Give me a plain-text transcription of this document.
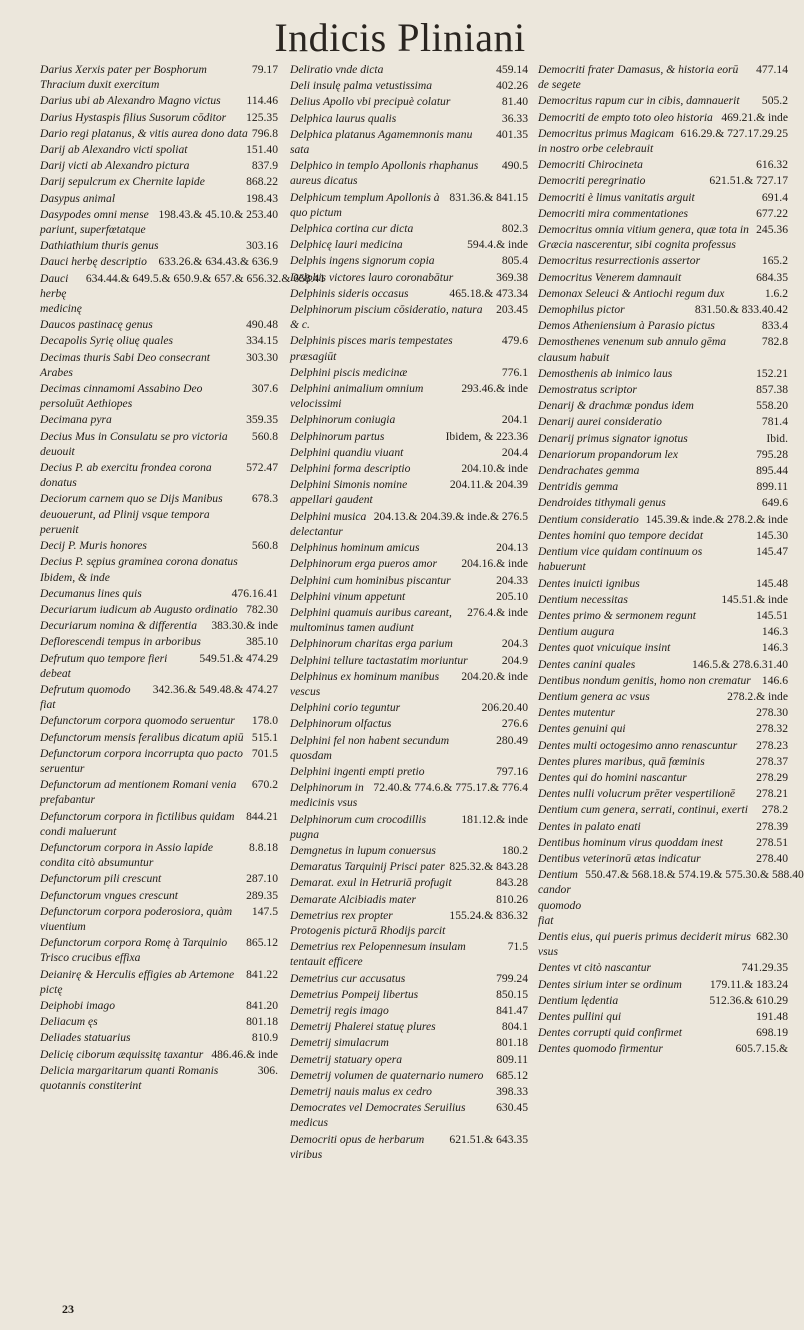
Indicis Pliniani
Darius Xerxis pater per Bosphorum Thracium duxit exercitum
79.17
Darius ubi ab Alexandro Magno victus	114.46
Darius Hystaspis filius Susorum cōditor	125.35
Dario regi platanus, & vitis aurea dono data 796.8
Darij ab Alexandro victi spoliat	151.40
Darij victi ab Alexandro pictura	837.9
Darij sepulcrum ex Chernite lapide	868.22
Dasypus animal	198.43
Dasypodes omni mense pariunt, superfœtatque
198.43.& 45.10.& 253.40
Dathiathium thuris genus	303.16
Dauci herbę descriptio	633.26.& 634.43.& 636.9
Dauci herbę medicinę
634.44.& 649.5.& 650.9.& 657.& 656.32.& 658.41
Daucos pastinacę genus	490.48
Decapolis Syrię oliuę quales	334.15
Decimas thuris Sabi Deo consecrant Arabes
303.30
Decimas cinnamomi Assabino Deo persoluūt Aethiopes
307.6
Decimana pyra	359.35
Decius Mus in Consulatu se pro victoria deuouit
560.8
Decius P. ab exercitu frondea corona donatus
572.47
Deciorum carnem quo se Dijs Manibus deuouerunt, ad Plinij vsque tempora peruenit
678.3
Decij P. Muris honores	560.8
Decius P. sępius graminea corona donatus Ibidem, & inde
Decumanus lines quis	476.16.41
Decuriarum iudicum ab Augusto ordinatio 782.30
Decuriarum nomina & differentia	383.30.& inde
Deflorescendi tempus in arboribus	385.10
Defrutum quo tempore fieri debeat
549.51.& 474.29
Defrutum quomodo fiat
342.36.& 549.48.& 474.27
Defunctorum corpora quomodo seruentur	178.0
Defunctorum mensis feralibus dicatum apiū 515.1
Defunctorum corpora incorrupta quo pacto seruentur
701.5
Defunctorum ad mentionem Romani venia prefabantur
670.2
Defunctorum corpora in fictilibus quidam condi maluerunt
844.21
Defunctorum corpora in Assio lapide condita citò absumuntur
8.8.18
Defunctorum pili crescunt	287.10
Defunctorum vngues crescunt	289.35
Defunctorum corpora poderosiora, quàm viuentium
147.5
Defunctorum corpora Romę à Tarquinio Trisco crucibus effixa
865.12
Deianirę & Herculis effigies ab Artemone pictę
841.22
Deiphobi imago	841.20
Deliacum ęs	801.18
Deliades statuarius	810.9
Delicię ciborum æquissitę taxantur 486.46.& inde
Delicia margaritarum quanti Romanis quotannis constiterint
306.
Deliratio vnde dicta	459.14
Deli insulę palma vetustissima	402.26
Delius Apollo vbi precipuè colatur	81.40
Delphica laurus qualis	36.33
Delphica platanus Agamemnonis manu sata
401.35
Delphico in templo Apollonis rhaphanus aureus dicatus
490.5
Delphicum templum Apollonis à quo pictum
831.36.& 841.15
Delphica cortina cur dicta	802.3
Delphicę lauri medicina	594.4.& inde
Delphis ingens signorum copia	805.4
Delphis victores lauro coronabātur	369.38
Delphinis sideris occasus	465.18.& 473.34
Delphinorum piscium cōsideratio, natura & c.
203.45
Delphinis pisces maris tempestates præsagiūt
479.6
Delphini piscis medicinæ	776.1
Delphini animalium omnium velocissimi
293.46.& inde
Delphinorum coniugia	204.1
Delphinorum partus	Ibidem, & 223.36
Delphini quandiu viuant	204.4
Delphini forma descriptio	204.10.& inde
Delphini Simonis nomine appellari gaudent
204.11.& 204.39
Delphini musica delectantur
204.13.& 204.39.& inde.& 276.5
Delphinus hominum amicus	204.13
Delphinorum erga pueros amor	204.16.& inde
Delphini cum hominibus piscantur	204.33
Delphini vinum appetunt	205.10
Delphini quamuis auribus careant, multominus tamen audiunt
276.4.& inde
Delphinorum charitas erga parium	204.3
Delphini tellure tactastatim moriuntur	204.9
Delphinus ex hominum manibus vescus
204.20.& inde
Delphini corio teguntur	206.20.40
Delphinorum olfactus	276.6
Delphini fel non habent secundum quosdam
280.49
Delphini ingenti empti pretio	797.16
Delphinorum in medicinis vsus
72.40.& 774.6.& 775.17.& 776.4
Delphinorum cum crocodillis pugna
181.12.& inde
Demgnetus in lupum conuersus	180.2
Demaratus Tarquinij Prisci pater 825.32.& 843.28
Demarat. exul in Hetruriā profugit	843.28
Demarate Alcibiadis mater	810.26
Demetrius rex propter Protogenis picturā Rhodijs parcit
155.24.& 836.32
Demetrius rex Pelopennesum insulam tentauit efficere
71.5
Demetrius cur accusatus	799.24
Demetrius Pompeij libertus	850.15
Demetrij regis imago	841.47
Demetrij Phalerei statuę plures	804.1
Demetrij simulacrum	801.18
Demetrij statuary opera	809.11
Demetrij volumen de quaternario numero	685.12
Demetrij nauis malus ex cedro	398.33
Democrates vel Democrates Seruilius medicus
630.45
Democriti opus de herbarum viribus
621.51.& 643.35
Democriti frater Damasus, & historia eorū de segete
477.14
Democritus rapum cur in cibis, damnauerit	505.2
Democriti de empto toto oleo historia 469.21.& inde
Democritus primus Magicam in nostro orbe celebrauit
616.29.& 727.17.29.25
Democriti Chirocineta	616.32
Democriti peregrinatio	621.51.& 727.17
Democriti è limus vanitatis arguit	691.4
Democriti mira commentationes	677.22
Democritus omnia vitium genera, quæ tota in Græcia nascerentur, sibi cognita professus
245.36
Democritus resurrectionis assertor	165.2
Democritus Venerem damnauit	684.35
Demonax Seleuci & Antiochi regum dux	1.6.2
Demophilus pictor	831.50.& 833.40.42
Demos Atheniensium à Parasio pictus	833.4
Demosthenes venenum sub annulo gēma clausum habuit
782.8
Demosthenis ab inimico laus	152.21
Demostratus scriptor	857.38
Denarij & drachmæ pondus idem	558.20
Denarij aurei consideratio	781.4
Denarij primus signator ignotus	Ibid.
Denariorum propandorum lex	795.28
Dendrachates gemma	895.44
Dentridis gemma	899.11
Dendroides tithymali genus	649.6
Dentium consideratio 145.39.& inde.& 278.2.& inde
Dentes homini quo tempore decidat	145.30
Dentium vice quidam continuum os habuerunt
145.47
Dentes inuicti ignibus	145.48
Dentium necessitas	145.51.& inde
Dentes primo & sermonem regunt	145.51
Dentium augura	146.3
Dentes quot vnicuique insint	146.3
Dentes canini quales	146.5.& 278.6.31.40
Dentibus nondum genitis, homo non crematur 146.6
Dentium genera ac vsus	278.2.& inde
Dentes mutentur	278.30
Dentes genuini qui	278.32
Dentes multi octogesimo anno renascuntur	278.23
Dentes plures maribus, quā fœminis	278.37
Dentes qui do homini nascantur	278.29
Dentes nulli volucrum prēter vespertilionē	278.21
Dentium cum genera, serrati, continui, exerti	278.2
Dentes in palato enati	278.39
Dentibus hominum virus quoddam inest	278.51
Dentibus veterinorū ætas indicatur	278.40
Dentium candor quomodo fiat
550.47.& 568.18.& 574.19.& 575.30.& 588.40
Dentis eius, qui pueris primus deciderit mirus vsus
682.30
Dentes vt citò nascantur	741.29.35
Dentes sirium inter se ordinum	179.11.& 183.24
Dentium lędentia	512.36.& 610.29
Dentes pullini qui	191.48
Dentes corrupti quid confirmet	698.19
Dentes quomodo firmentur	605.7.15.&
23
